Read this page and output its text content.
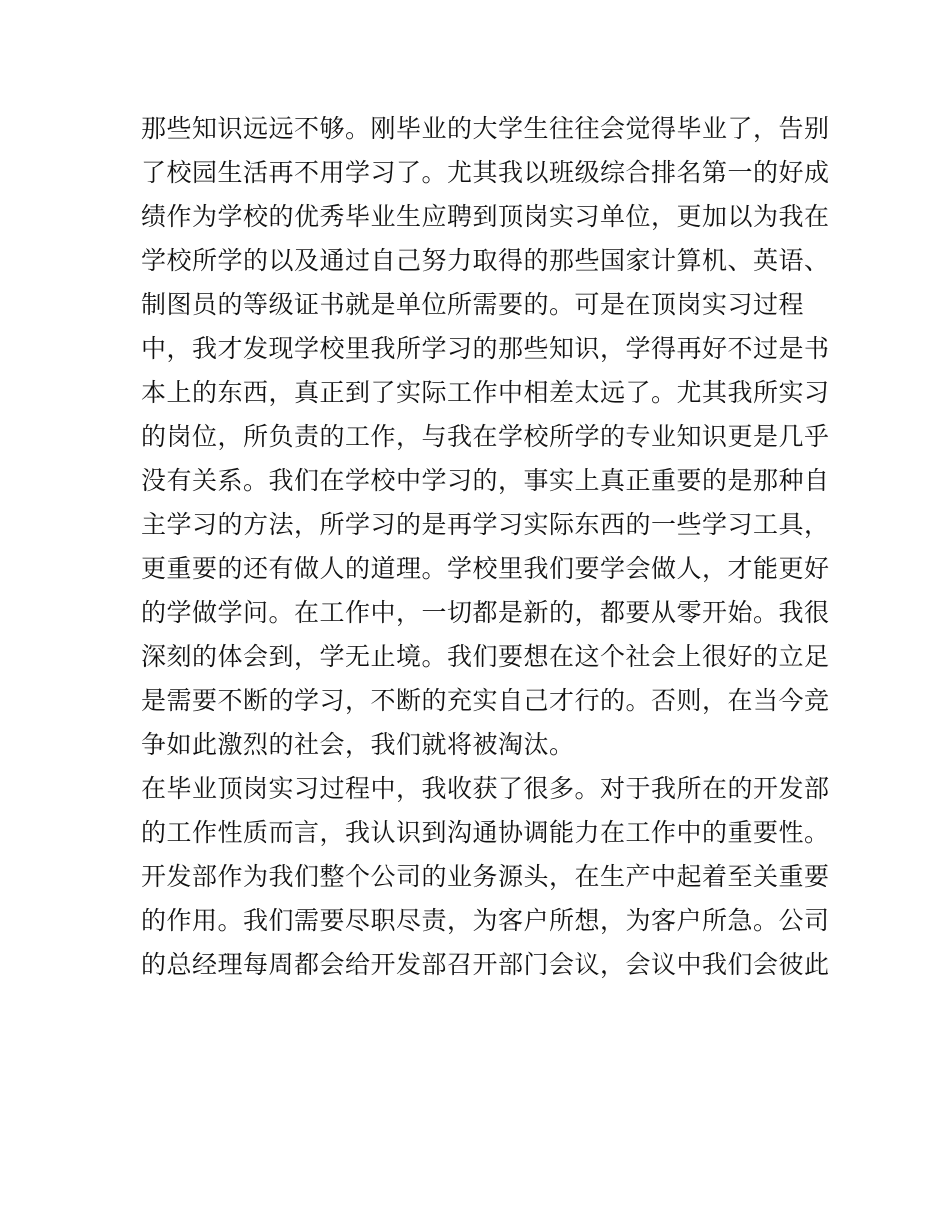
那些知识远远不够。刚毕业的大学生往往会觉得毕业了，告别
了校园生活再不用学习了。尤其我以班级综合排名第一的好成
绩作为学校的优秀毕业生应聘到顶岗实习单位，更加以为我在
学校所学的以及通过自己努力取得的那些国家计算机、英语、
制图员的等级证书就是单位所需要的。可是在顶岗实习过程
中，我才发现学校里我所学习的那些知识，学得再好不过是书
本上的东西，真正到了实际工作中相差太远了。尤其我所实习
的岗位，所负责的工作，与我在学校所学的专业知识更是几乎
没有关系。我们在学校中学习的，事实上真正重要的是那种自
主学习的方法，所学习的是再学习实际东西的一些学习工具，
更重要的还有做人的道理。学校里我们要学会做人，才能更好
的学做学问。在工作中，一切都是新的，都要从零开始。我很
深刻的体会到，学无止境。我们要想在这个社会上很好的立足
是需要不断的学习，不断的充实自己才行的。否则，在当今竞
争如此激烈的社会，我们就将被淘汰。
在毕业顶岗实习过程中，我收获了很多。对于我所在的开发部
的工作性质而言，我认识到沟通协调能力在工作中的重要性。
开发部作为我们整个公司的业务源头，在生产中起着至关重要
的作用。我们需要尽职尽责，为客户所想，为客户所急。公司
的总经理每周都会给开发部召开部门会议，会议中我们会彼此
